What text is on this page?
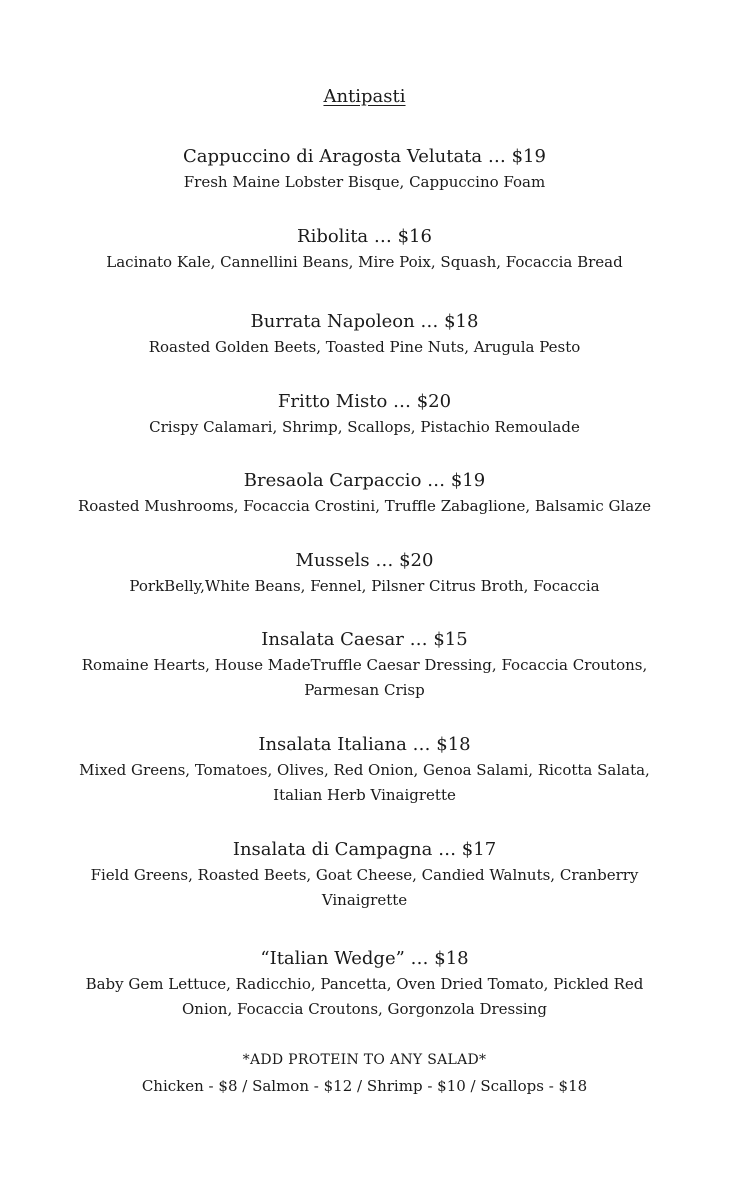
Antipasti
Cappuccino di Aragosta Velutata … $19
Fresh Maine Lobster Bisque, Cappuccino Foam
Ribolita … $16
Lacinato Kale, Cannellini Beans, Mire Poix, Squash, Focaccia Bread
Burrata Napoleon … $18
Roasted Golden Beets, Toasted Pine Nuts, Arugula Pesto
Fritto Misto … $20
Crispy Calamari, Shrimp, Scallops, Pistachio Remoulade
Bresaola Carpaccio … $19
Roasted Mushrooms, Focaccia Crostini, Truffle Zabaglione, Balsamic Glaze
Mussels … $20
PorkBelly,White Beans, Fennel, Pilsner Citrus Broth, Focaccia
Insalata Caesar … $15
Romaine Hearts, House MadeTruffle Caesar Dressing, Focaccia Croutons,
Parmesan Crisp
Insalata Italiana … $18
Mixed Greens, Tomatoes, Olives, Red Onion, Genoa Salami, Ricotta Salata,
Italian Herb Vinaigrette
Insalata di Campagna … $17
Field Greens, Roasted Beets, Goat Cheese, Candied Walnuts, Cranberry
Vinaigrette
“Italian Wedge” … $18
Baby Gem Lettuce, Radicchio, Pancetta, Oven Dried Tomato, Pickled Red
Onion, Focaccia Croutons, Gorgonzola Dressing
*ADD PROTEIN TO ANY SALAD*
Chicken - $8 / Salmon - $12 / Shrimp - $10 / Scallops - $18
